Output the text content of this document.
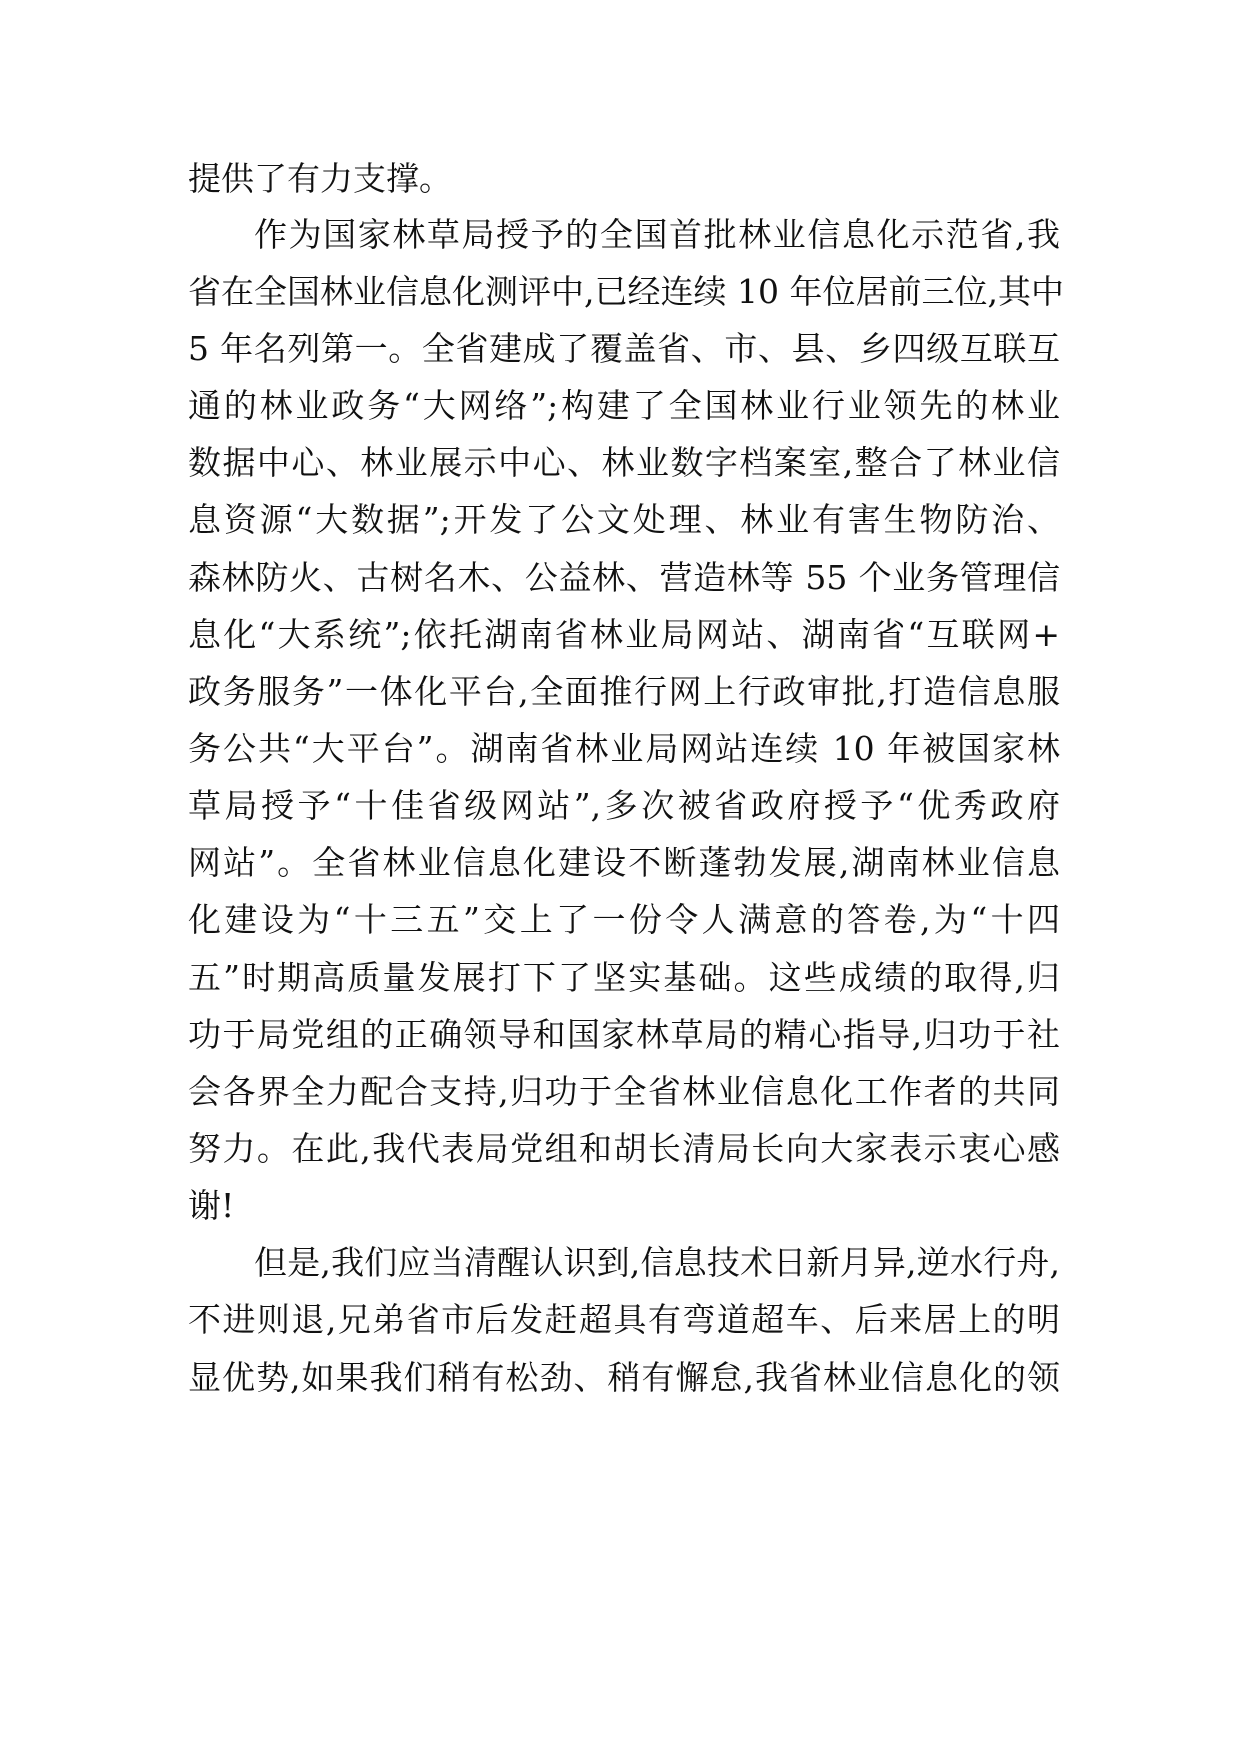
提供了有力支撑。
作为国家林草局授予的全国首批林业信息化示范省,我
省在全国林业信息化测评中,已经连续 10 年位居前三位,其中
5 年名列第一。全省建成了覆盖省、市、县、乡四级互联互
通的林业政务“大网络”;构建了全国林业行业领先的林业
数据中心、林业展示中心、林业数字档案室,整合了林业信
息资源“大数据”;开发了公文处理、林业有害生物防治、
森林防火、古树名木、公益林、营造林等 55 个业务管理信
息化“大系统”;依托湖南省林业局网站、湖南省“互联网+
政务服务”一体化平台,全面推行网上行政审批,打造信息服
务公共“大平台”。湖南省林业局网站连续 10 年被国家林
草局授予“十佳省级网站”,多次被省政府授予“优秀政府
网站”。全省林业信息化建设不断蓬勃发展,湖南林业信息
化建设为“十三五”交上了一份令人满意的答卷,为“十四
五”时期高质量发展打下了坚实基础。这些成绩的取得,归
功于局党组的正确领导和国家林草局的精心指导,归功于社
会各界全力配合支持,归功于全省林业信息化工作者的共同
努力。在此,我代表局党组和胡长清局长向大家表示衷心感
谢!
但是,我们应当清醒认识到,信息技术日新月异,逆水行舟,
不进则退,兄弟省市后发赶超具有弯道超车、后来居上的明
显优势,如果我们稍有松劲、稍有懈怠,我省林业信息化的领
